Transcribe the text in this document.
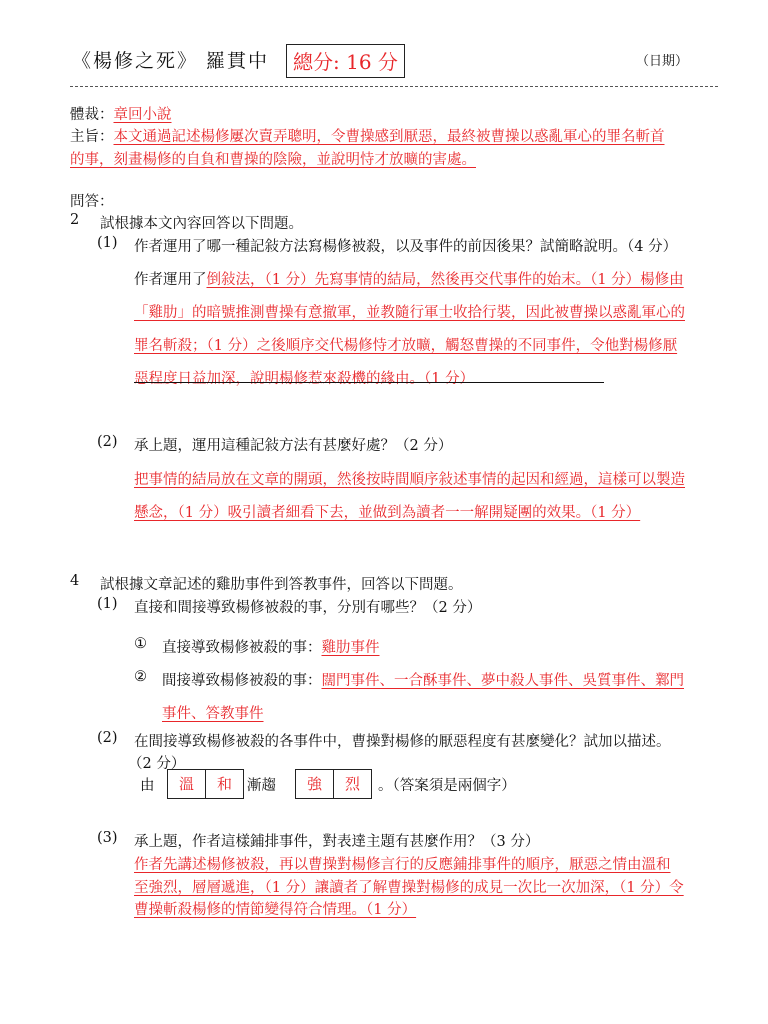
《楊修之死》 羅貫中	總分: 16 分	（日期）
體裁：章回小說
主旨：本文通過記述楊修屢次賣弄聰明，令曹操感到厭惡，最終被曹操以惑亂軍心的罪名斬首
的事，刻畫楊修的自負和曹操的陰險，並說明恃才放曠的害處。
問答：
2 試根據本文內容回答以下問題。
(1) 作者運用了哪一種記敍方法寫楊修被殺，以及事件的前因後果？試簡略說明。（4 分）
作者運用了倒敍法，（1 分）先寫事情的結局，然後再交代事件的始末。（1 分）楊修由
「雞肋」的暗號推測曹操有意撤軍，並教隨行軍士收拾行裝，因此被曹操以惑亂軍心的
罪名斬殺；（1 分）之後順序交代楊修恃才放曠，觸怒曹操的不同事件，令他對楊修厭
惡程度日益加深，說明楊修惹來殺機的緣由。（1 分）
(2) 承上題，運用這種記敍方法有甚麼好處？（2 分）
把事情的結局放在文章的開頭，然後按時間順序敍述事情的起因和經過，這樣可以製造
懸念，（1 分）吸引讀者細看下去，並做到為讀者一一解開疑團的效果。（1 分）
4 試根據文章記述的雞肋事件到答教事件，回答以下問題。
(1) 直接和間接導致楊修被殺的事，分別有哪些？（2 分）
① 直接導致楊修被殺的事：雞肋事件
② 間接導致楊修被殺的事：闊門事件、一合酥事件、夢中殺人事件、吳質事件、鄴門
事件、答教事件
(2) 在間接導致楊修被殺的各事件中，曹操對楊修的厭惡程度有甚麼變化？試加以描述。
（2 分）
由	溫	和	漸趨	強	烈	。（答案須是兩個字）
(3) 承上題，作者這樣鋪排事件，對表達主題有甚麼作用？（3 分）
作者先講述楊修被殺，再以曹操對楊修言行的反應鋪排事件的順序，厭惡之情由溫和
至強烈，層層遞進，（1 分）讓讀者了解曹操對楊修的成見一次比一次加深，（1 分）令
曹操斬殺楊修的情節變得符合情理。（1 分）
